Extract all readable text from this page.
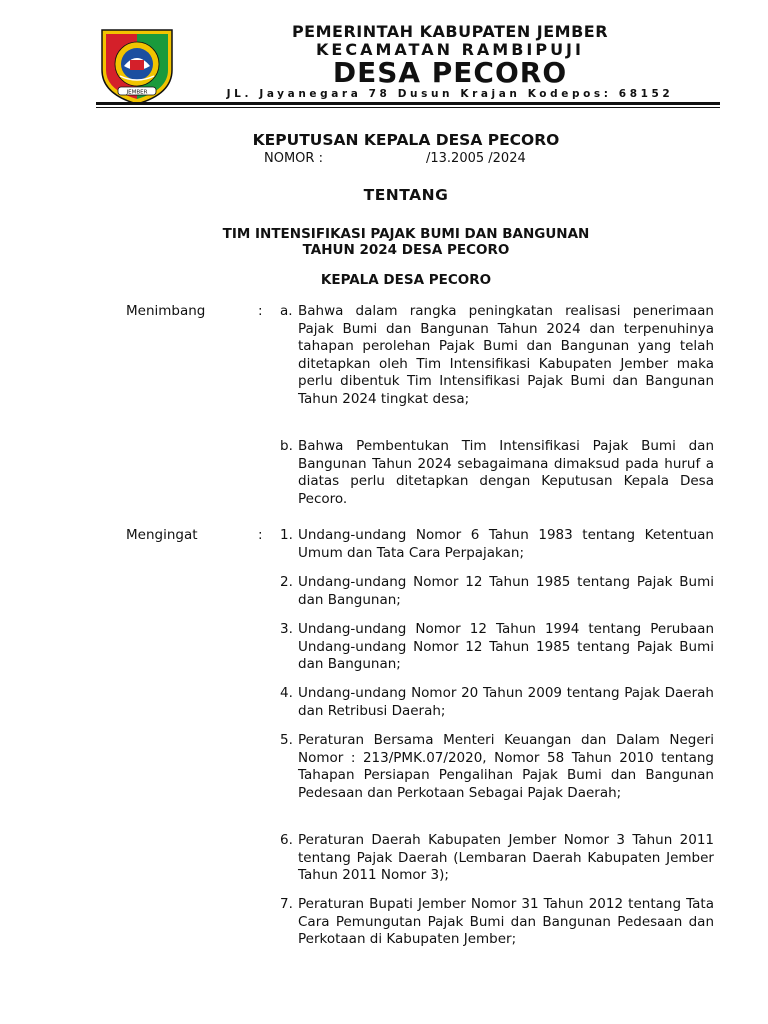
JEMBER
PEMERINTAH KABUPATEN JEMBER
KECAMATAN RAMBIPUJI
DESA PECORO
JL. Jayanegara 78 Dusun Krajan Kodepos: 68152
KEPUTUSAN KEPALA DESA PECORO
NOMOR :	/13.2005 /2024
TENTANG
TIM INTENSIFIKASI PAJAK BUMI DAN BANGUNAN
TAHUN 2024 DESA PECORO
KEPALA DESA PECORO
Menimbang	: a. Bahwa dalam rangka peningkatan realisasi penerimaan Pajak Bumi dan Bangunan Tahun 2024 dan terpenuhinya tahapan perolehan Pajak Bumi dan Bangunan yang telah ditetapkan oleh Tim Intensifikasi Kabupaten Jember maka perlu dibentuk Tim Intensifikasi Pajak Bumi dan Bangunan Tahun 2024 tingkat desa;
b. Bahwa Pembentukan Tim Intensifikasi Pajak Bumi dan Bangunan Tahun 2024 sebagaimana dimaksud pada huruf a diatas perlu ditetapkan dengan Keputusan Kepala Desa Pecoro.
Mengingat	: 1. Undang-undang Nomor 6 Tahun 1983 tentang Ketentuan Umum dan Tata Cara Perpajakan;
2. Undang-undang Nomor 12 Tahun 1985 tentang Pajak Bumi dan Bangunan;
3. Undang-undang Nomor 12 Tahun 1994 tentang Perubaan Undang-undang Nomor 12 Tahun 1985 tentang Pajak Bumi dan Bangunan;
4. Undang-undang Nomor 20 Tahun 2009 tentang Pajak Daerah dan Retribusi Daerah;
5. Peraturan Bersama Menteri Keuangan dan Dalam Negeri Nomor : 213/PMK.07/2020, Nomor 58 Tahun 2010 tentang Tahapan Persiapan Pengalihan Pajak Bumi dan Bangunan Pedesaan dan Perkotaan Sebagai Pajak Daerah;
6. Peraturan Daerah Kabupaten Jember Nomor 3 Tahun 2011 tentang Pajak Daerah (Lembaran Daerah Kabupaten Jember Tahun 2011 Nomor 3);
7. Peraturan Bupati Jember Nomor 31 Tahun 2012 tentang Tata Cara Pemungutan Pajak Bumi dan Bangunan Pedesaan dan Perkotaan di Kabupaten Jember;
